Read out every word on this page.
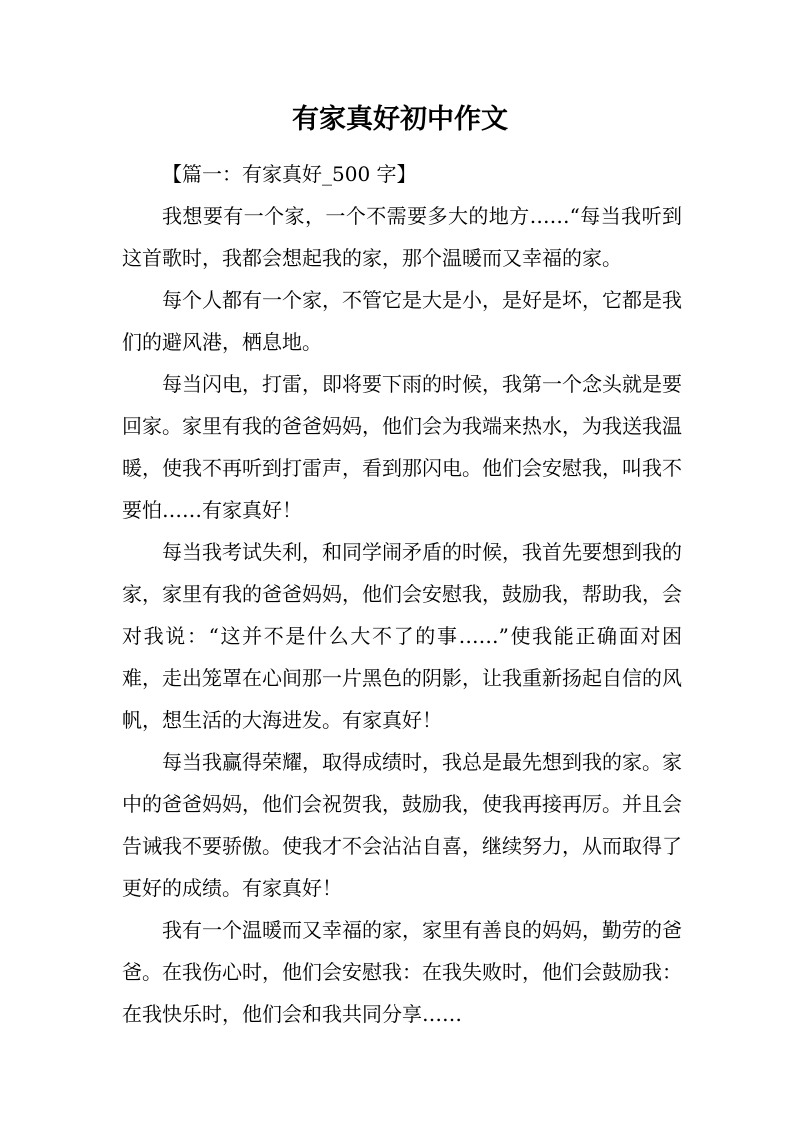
有家真好初中作文

【篇一：有家真好_500 字】

我想要有一个家，一个不需要多大的地方……“每当我听到这首歌时，我都会想起我的家，那个温暖而又幸福的家。

每个人都有一个家，不管它是大是小，是好是坏，它都是我们的避风港，栖息地。

每当闪电，打雷，即将要下雨的时候，我第一个念头就是要回家。家里有我的爸爸妈妈，他们会为我端来热水，为我送我温暖，使我不再听到打雷声，看到那闪电。他们会安慰我，叫我不要怕……有家真好！

每当我考试失利，和同学闹矛盾的时候，我首先要想到我的家，家里有我的爸爸妈妈，他们会安慰我，鼓励我，帮助我，会对我说：“这并不是什么大不了的事……”使我能正确面对困难，走出笼罩在心间那一片黑色的阴影，让我重新扬起自信的风帆，想生活的大海进发。有家真好！

每当我赢得荣耀，取得成绩时，我总是最先想到我的家。家中的爸爸妈妈，他们会祝贺我，鼓励我，使我再接再厉。并且会告诫我不要骄傲。使我才不会沾沾自喜，继续努力，从而取得了更好的成绩。有家真好！

我有一个温暖而又幸福的家，家里有善良的妈妈，勤劳的爸爸。在我伤心时，他们会安慰我：在我失败时，他们会鼓励我：在我快乐时，他们会和我共同分享……
